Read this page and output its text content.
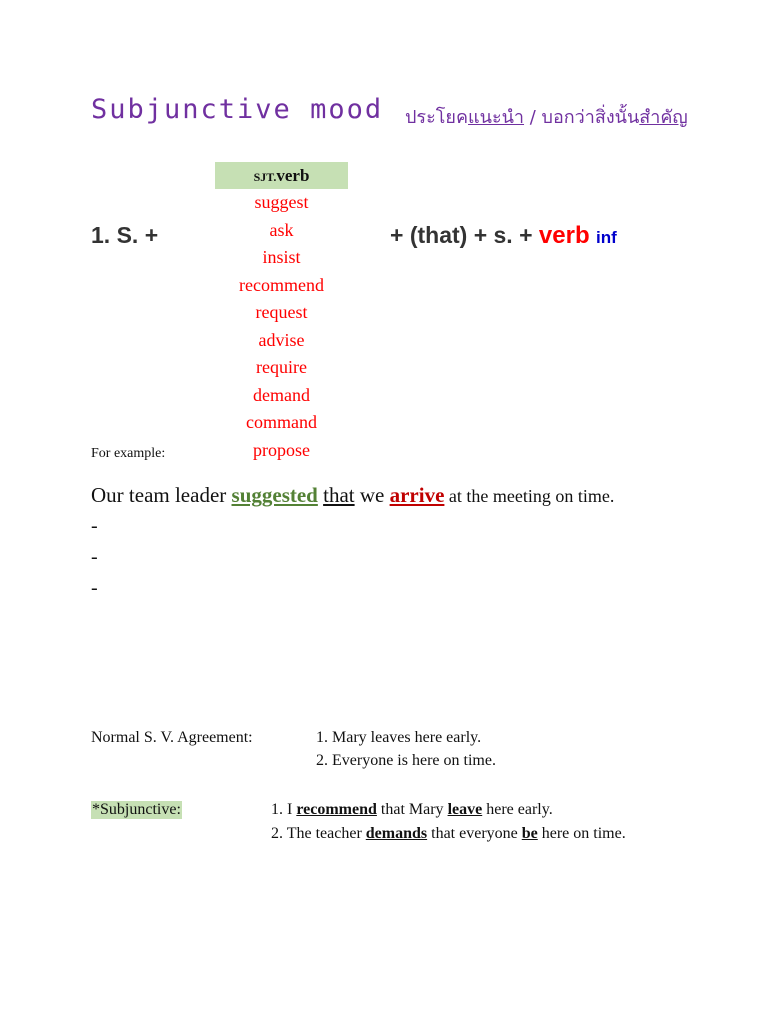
Subjunctive mood ประโยคแนะนำ / บอกว่าสิ่งนั้นสำคัญ
1. S. +	+ (that) + s. + verb inf
SJT.verb
suggest
ask
insist
recommend
request
advise
require
demand
command
propose
For example:
Our team leader suggested that we arrive at the meeting on time.
-
-
-
Normal S. V. Agreement:	1. Mary leaves here early.
2. Everyone is here on time.
*Subjunctive:	1. I recommend that Mary leave here early.
2. The teacher demands that everyone be here on time.
